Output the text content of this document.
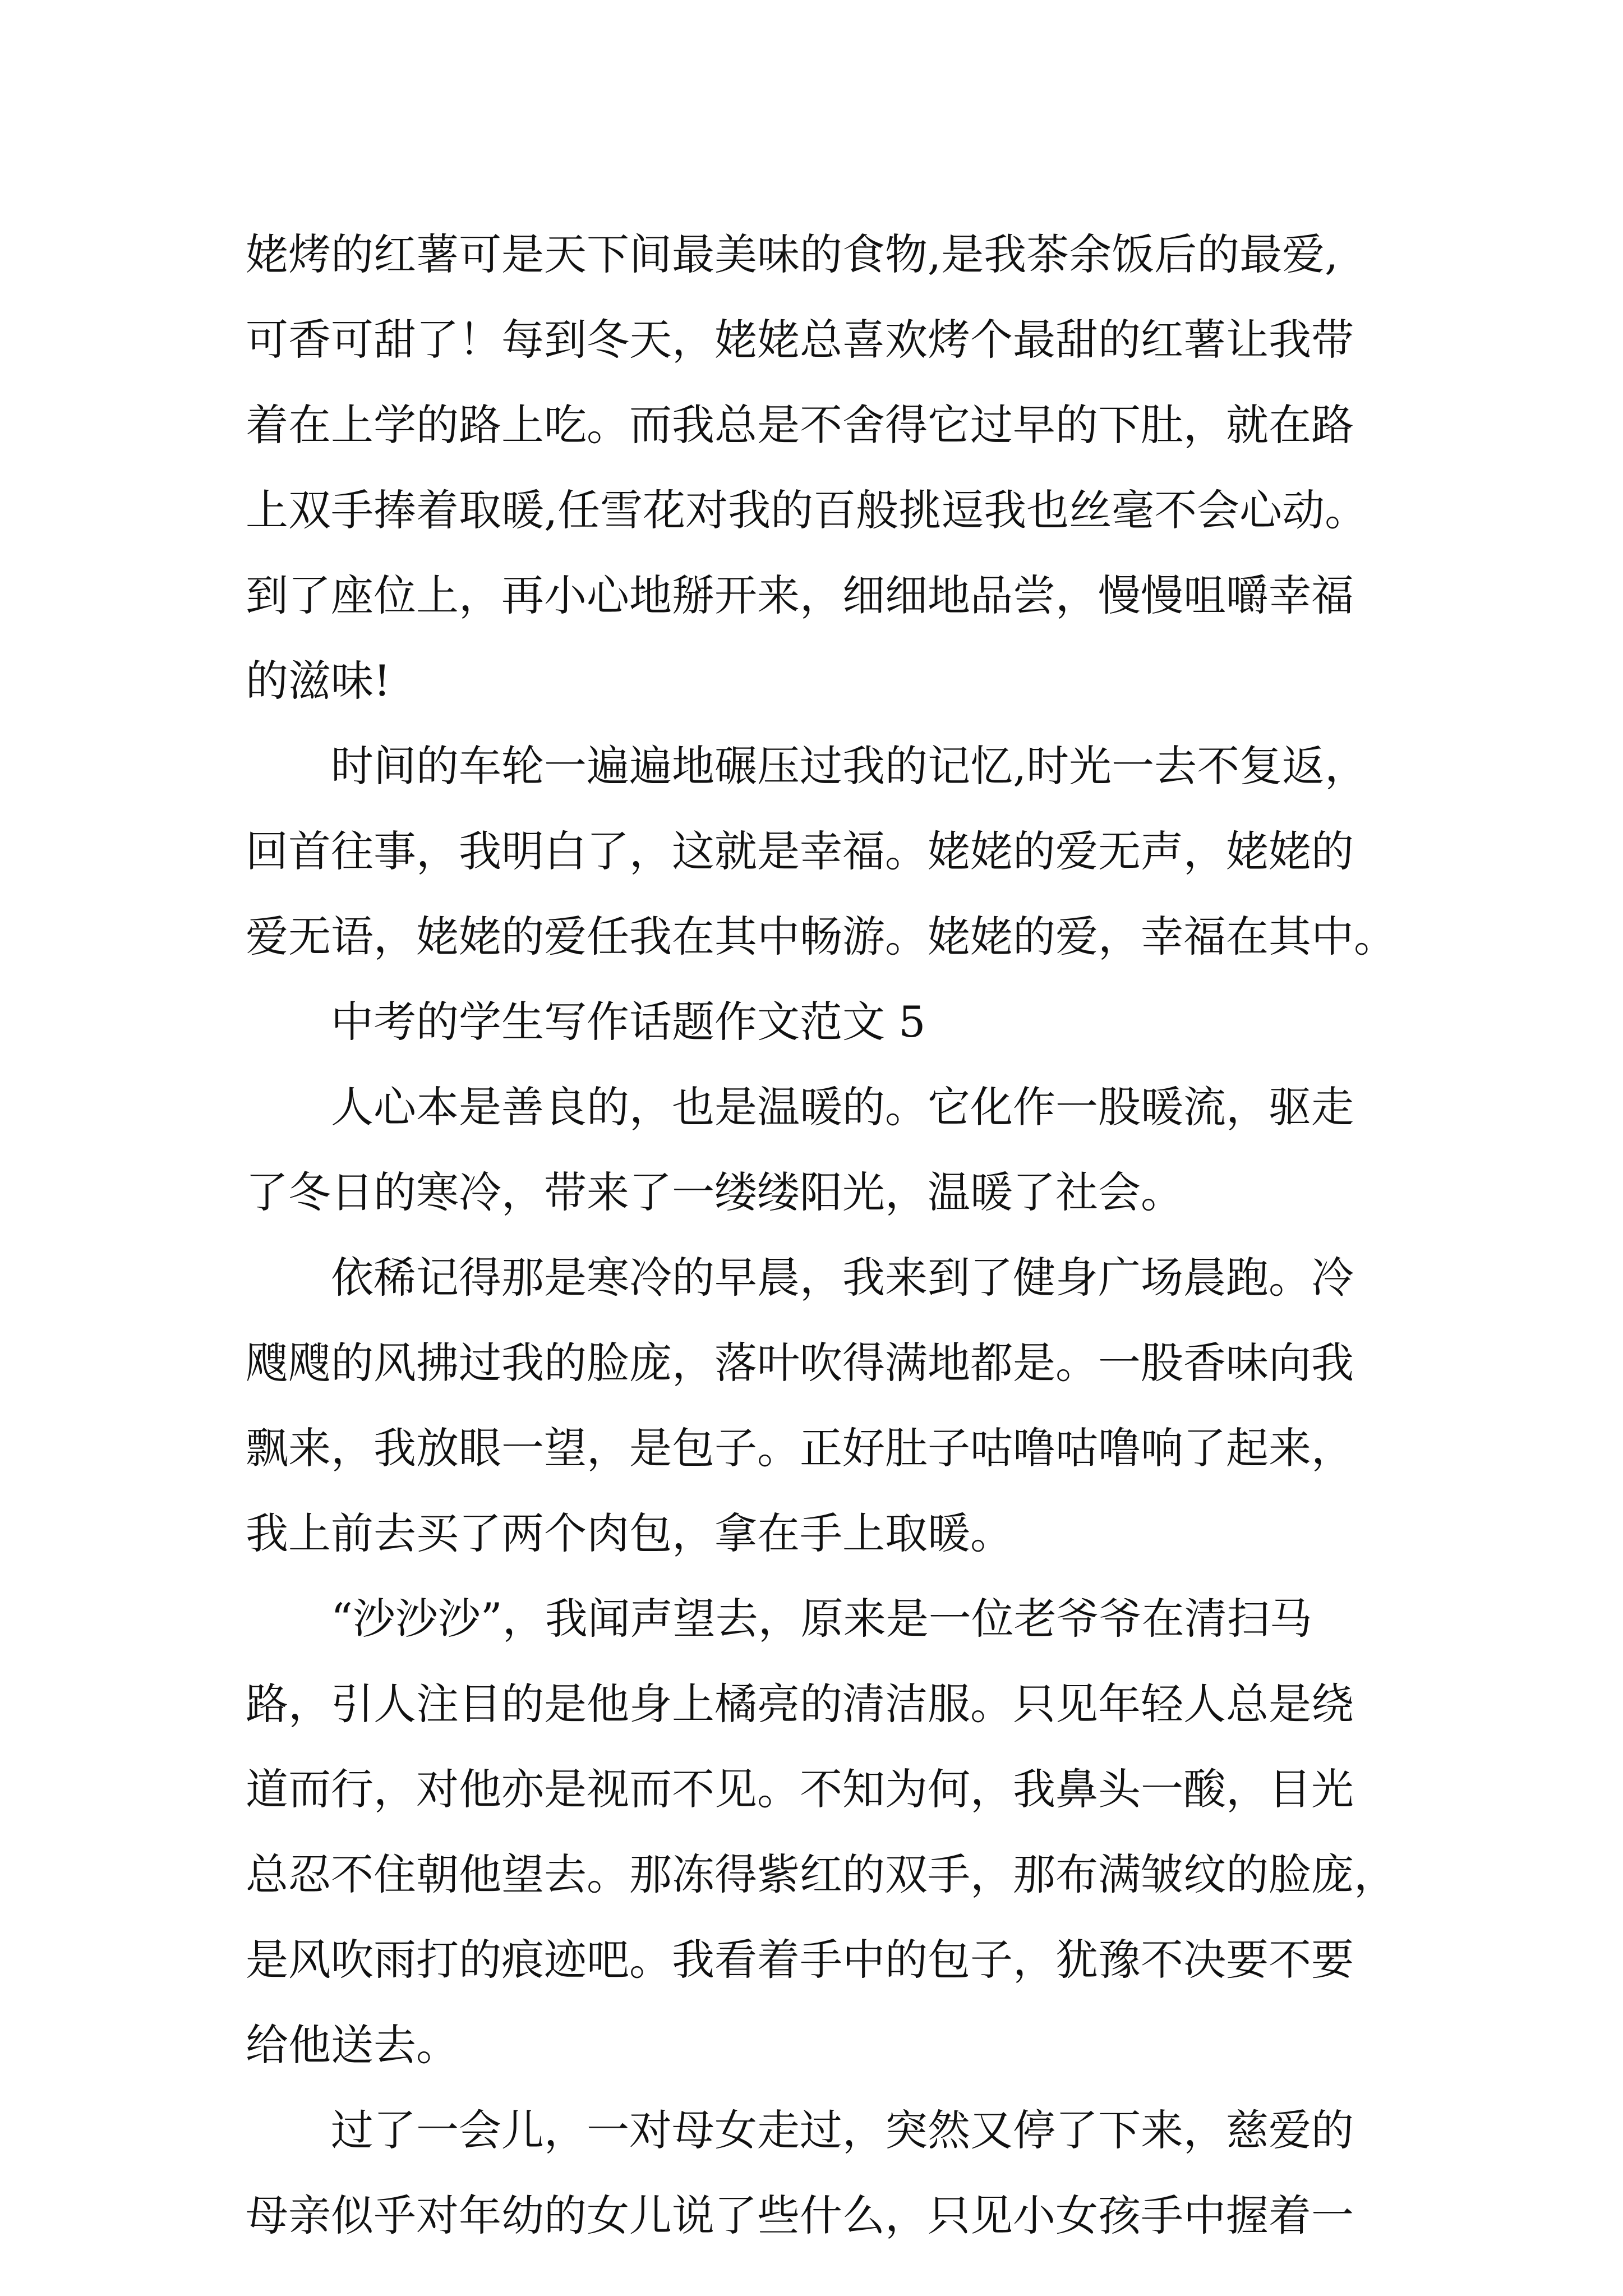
姥烤的红薯可是天下间最美味的食物,是我茶余饭后的最爱,

可香可甜了！每到冬天，姥姥总喜欢烤个最甜的红薯让我带

着在上学的路上吃。而我总是不舍得它过早的下肚，就在路

上双手捧着取暖,任雪花对我的百般挑逗我也丝毫不会心动。

到了座位上，再小心地掰开来，细细地品尝，慢慢咀嚼幸福

的滋味!

时间的车轮一遍遍地碾压过我的记忆,时光一去不复返，

回首往事，我明白了，这就是幸福。姥姥的爱无声，姥姥的

爱无语，姥姥的爱任我在其中畅游。姥姥的爱，幸福在其中。

中考的学生写作话题作文范文 5

人心本是善良的，也是温暖的。它化作一股暖流，驱走

了冬日的寒冷，带来了一缕缕阳光，温暖了社会。

依稀记得那是寒冷的早晨，我来到了健身广场晨跑。冷

飕飕的风拂过我的脸庞，落叶吹得满地都是。一股香味向我

飘来，我放眼一望，是包子。正好肚子咕噜咕噜响了起来，

我上前去买了两个肉包，拿在手上取暖。

“沙沙沙”，我闻声望去，原来是一位老爷爷在清扫马

路，引人注目的是他身上橘亮的清洁服。只见年轻人总是绕

道而行，对他亦是视而不见。不知为何，我鼻头一酸，目光

总忍不住朝他望去。那冻得紫红的双手，那布满皱纹的脸庞，

是风吹雨打的痕迹吧。我看着手中的包子，犹豫不决要不要

给他送去。

过了一会儿，一对母女走过，突然又停了下来，慈爱的

母亲似乎对年幼的女儿说了些什么，只见小女孩手中握着一
